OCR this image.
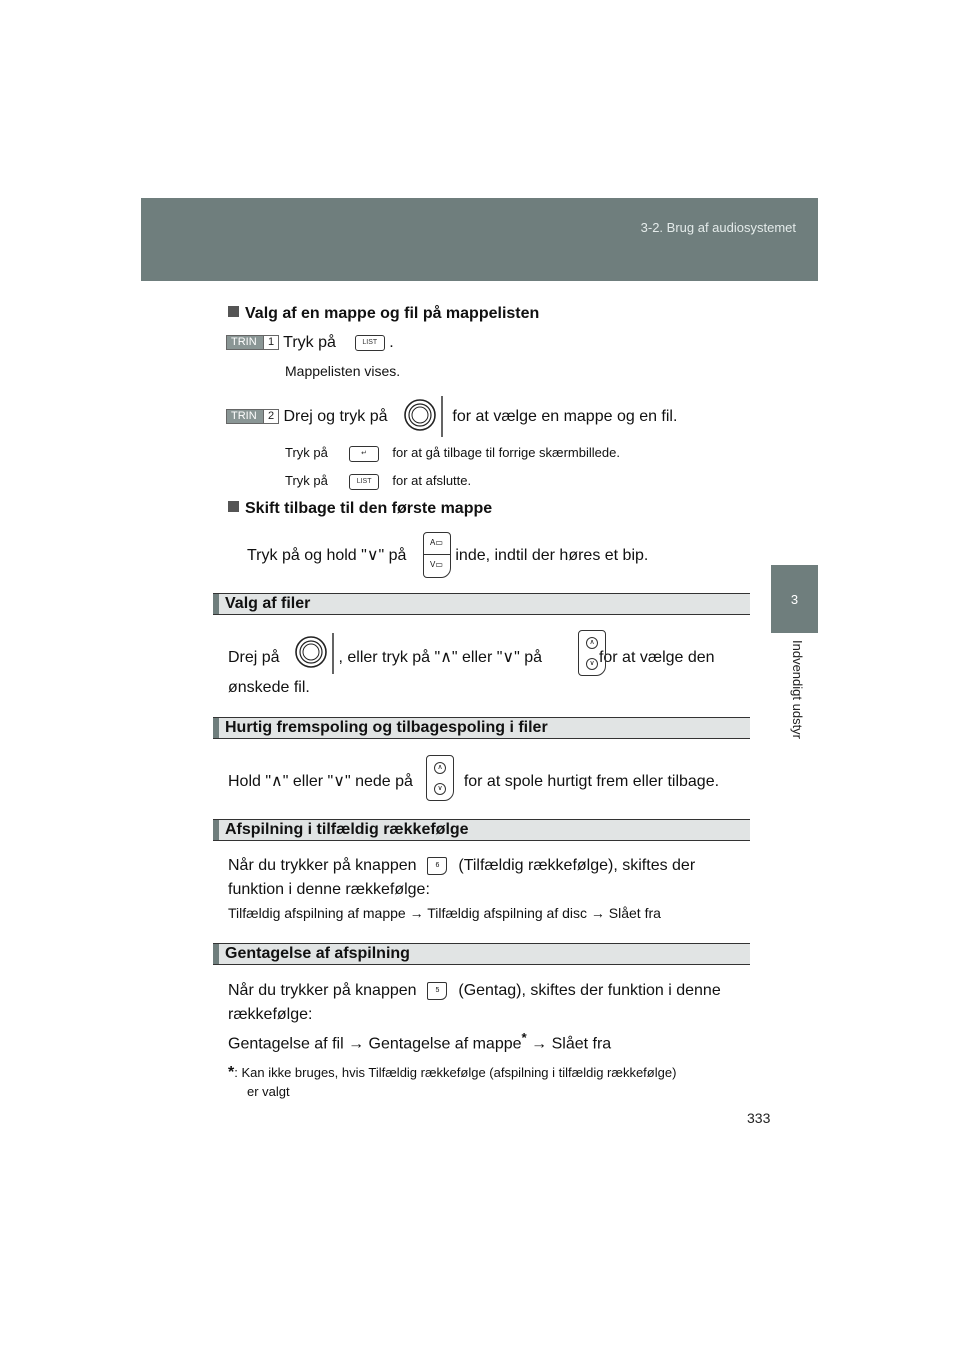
3-2. Brug af audiosystemet
3
Indvendigt udstyr
Valg af en mappe og fil på mappelisten
TRIN	1 Tryk på	LIST .
Mappelisten vises.
TRIN	2 Drej og tryk på	for at vælge en mappe og en fil.
Tryk på	↵ for at gå tilbage til forrige skærmbillede.
Tryk på	LIST for at afslutte.
Skift tilbage til den første mappe
Tryk på og hold "∨" på	inde, indtil der høres et bip.
A▭
V▭
Valg af filer
Drej på	, eller tryk på "∧" eller "∨" på	for at vælge den
∧
∨
ønskede fil.
Hurtig fremspoling og tilbagespoling i filer
Hold "∧" eller "∨" nede på	for at spole hurtigt frem eller tilbage.
∧
∨
Afspilning i tilfældig rækkefølge
Når du trykker på knappen	6 (Tilfældig rækkefølge), skiftes der
funktion i denne rækkefølge:
Tilfældig afspilning af mappe → Tilfældig afspilning af disc → Slået fra
Gentagelse af afspilning
Når du trykker på knappen	5 (Gentag), skiftes der funktion i denne
rækkefølge:
Gentagelse af fil → Gentagelse af mappe* → Slået fra
*: Kan ikke bruges, hvis Tilfældig rækkefølge (afspilning i tilfældig rækkefølge)
er valgt
333
